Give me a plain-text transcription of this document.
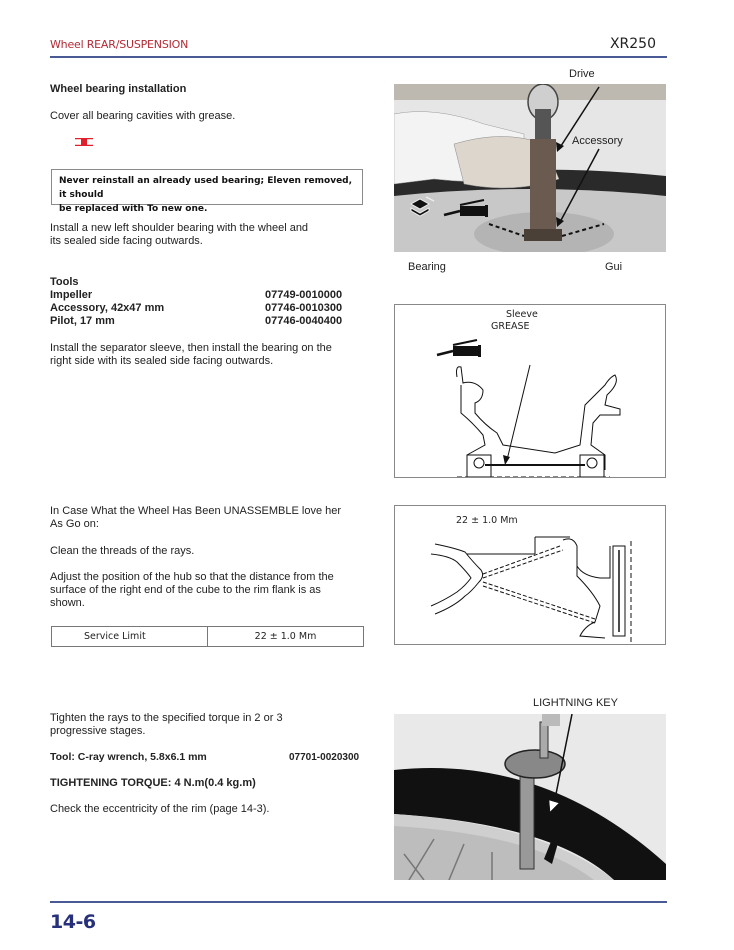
Wheel REAR/SUSPENSION	XR250
Wheel bearing installation
Cover all bearing cavities with grease.
Never reinstall an already used bearing; Eleven removed, it should
be replaced with To new one.
Install a new left shoulder bearing with the wheel and
its sealed side facing outwards.
Tools
Impeller	07749-0010000
Accessory, 42x47 mm	07746-0010300
Pilot, 17 mm	07746-0040400
Install the separator sleeve, then install the bearing on the
right side with its sealed side facing outwards.
Drive
Accessory
Bearing	Gui
Sleeve
GREASE
In Case What the Wheel Has Been UNASSEMBLE love her
As Go on:
Clean the threads of the rays.
Adjust the position of the hub so that the distance from the
surface of the right end of the cube to the rim flank is as
shown.
Service Limit	22 ± 1.0 Mm
22 ± 1.0 Mm
Tighten the rays to the specified torque in 2 or 3
progressive stages.
Tool: C-ray wrench, 5.8x6.1 mm	07701-0020300
TIGHTENING TORQUE: 4 N.m(0.4 kg.m)
Check the eccentricity of the rim (page 14-3).
LIGHTNING KEY
14-6
